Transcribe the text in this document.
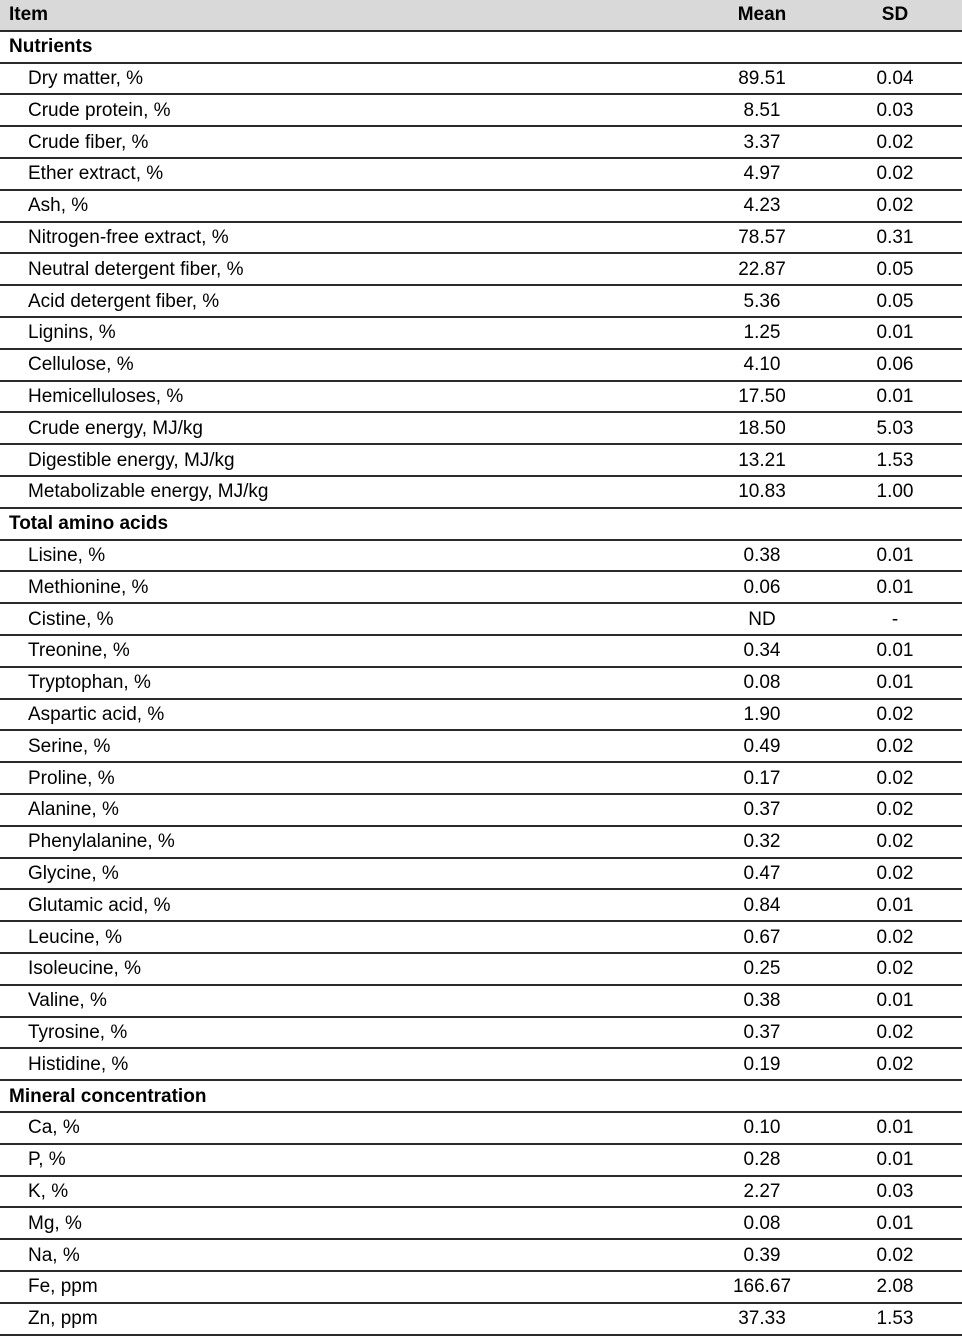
Item	Mean	SD
Nutrients
Dry matter, %	89.51	0.04
Crude protein, %	8.51	0.03
Crude fiber, %	3.37	0.02
Ether extract, %	4.97	0.02
Ash, %	4.23	0.02
Nitrogen-free extract, %	78.57	0.31
Neutral detergent fiber, %	22.87	0.05
Acid detergent fiber, %	5.36	0.05
Lignins, %	1.25	0.01
Cellulose, %	4.10	0.06
Hemicelluloses, %	17.50	0.01
Crude energy, MJ/kg	18.50	5.03
Digestible energy, MJ/kg	13.21	1.53
Metabolizable energy, MJ/kg	10.83	1.00
Total amino acids
Lisine, %	0.38	0.01
Methionine, %	0.06	0.01
Cistine, %	ND	-
Treonine, %	0.34	0.01
Tryptophan, %	0.08	0.01
Aspartic acid, %	1.90	0.02
Serine, %	0.49	0.02
Proline, %	0.17	0.02
Alanine, %	0.37	0.02
Phenylalanine, %	0.32	0.02
Glycine, %	0.47	0.02
Glutamic acid, %	0.84	0.01
Leucine, %	0.67	0.02
Isoleucine, %	0.25	0.02
Valine, %	0.38	0.01
Tyrosine, %	0.37	0.02
Histidine, %	0.19	0.02
Mineral concentration
Ca, %	0.10	0.01
P, %	0.28	0.01
K, %	2.27	0.03
Mg, %	0.08	0.01
Na, %	0.39	0.02
Fe, ppm	166.67	2.08
Zn, ppm	37.33	1.53
